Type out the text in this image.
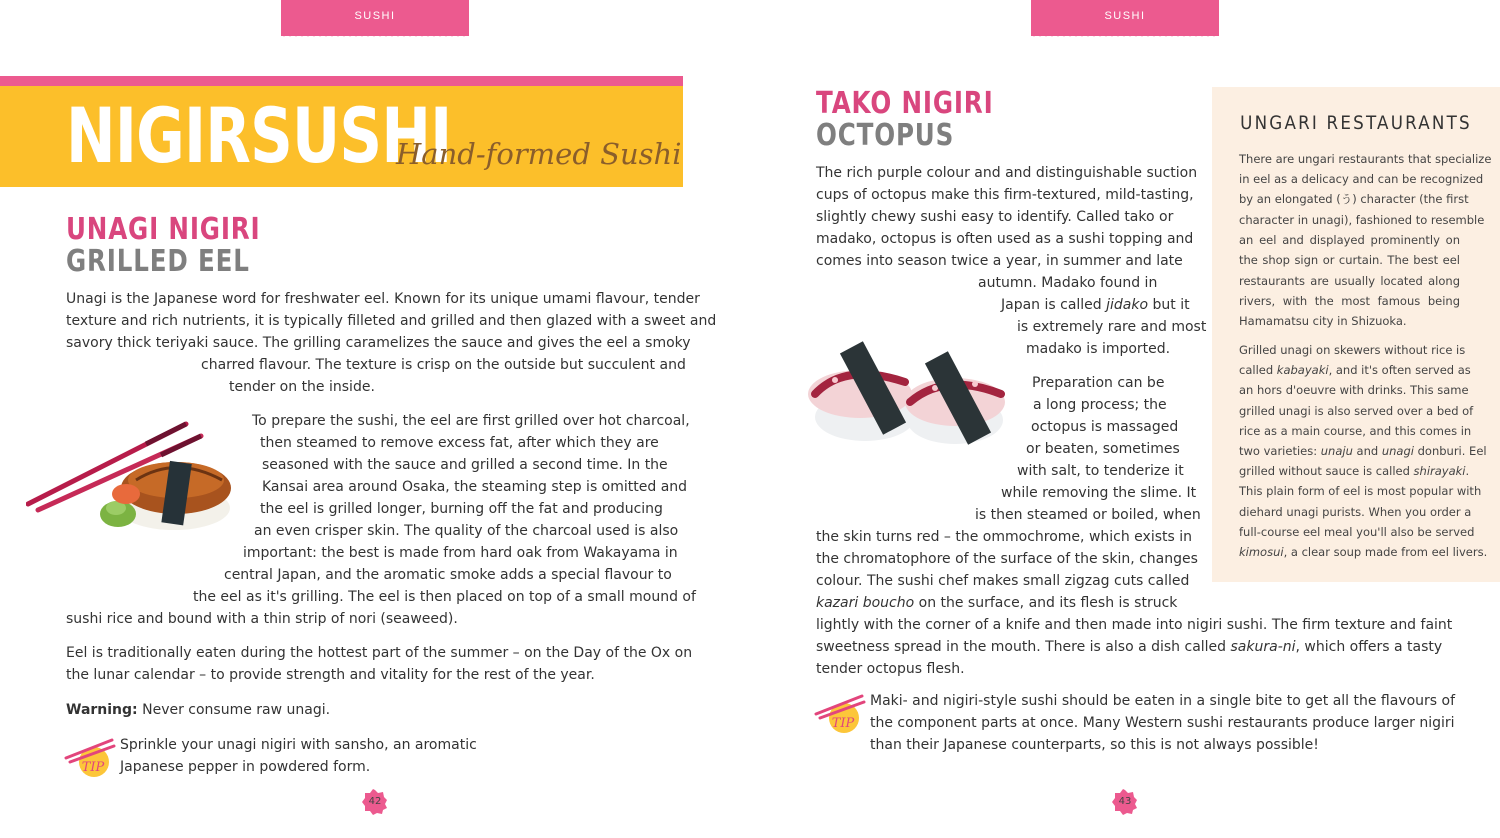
SUSHI
NIGIRSUSHI
Hand-formed Sushi
UNAGI NIGIRI
GRILLED EEL
Unagi is the Japanese word for freshwater eel. Known for its unique umami flavour, tender
texture and rich nutrients, it is typically filleted and grilled and then glazed with a sweet and
savory thick teriyaki sauce. The grilling caramelizes the sauce and gives the eel a smoky
charred flavour. The texture is crisp on the outside but succulent and
tender on the inside.
To prepare the sushi, the eel are first grilled over hot charcoal,
then steamed to remove excess fat, after which they are
seasoned with the sauce and grilled a second time. In the
Kansai area around Osaka, the steaming step is omitted and
the eel is grilled longer, burning off the fat and producing
an even crisper skin. The quality of the charcoal used is also
important: the best is made from hard oak from Wakayama in
central Japan, and the aromatic smoke adds a special flavour to
the eel as it's grilling. The eel is then placed on top of a small mound of
sushi rice and bound with a thin strip of nori (seaweed).
Eel is traditionally eaten during the hottest part of the summer – on the Day of the Ox on
the lunar calendar – to provide strength and vitality for the rest of the year.
Warning: Never consume raw unagi.
TIP
Sprinkle your unagi nigiri with sansho, an aromatic
Japanese pepper in powdered form.
42
SUSHI
TAKO NIGIRI
OCTOPUS
The rich purple colour and and distinguishable suction
cups of octopus make this firm-textured, mild-tasting,
slightly chewy sushi easy to identify. Called tako or
madako, octopus is often used as a sushi topping and
comes into season twice a year, in summer and late
autumn. Madako found in
Japan is called jidako but it
is extremely rare and most
madako is imported.
Preparation can be
a long process; the
octopus is massaged
or beaten, sometimes
with salt, to tenderize it
while removing the slime. It
is then steamed or boiled, when
the skin turns red – the ommochrome, which exists in
the chromatophore of the surface of the skin, changes
colour. The sushi chef makes small zigzag cuts called
kazari boucho on the surface, and its flesh is struck
lightly with the corner of a knife and then made into nigiri sushi. The firm texture and faint
sweetness spread in the mouth. There is also a dish called sakura-ni, which offers a tasty
tender octopus flesh.
UNGARI RESTAURANTS
There are ungari restaurants that specialize
in eel as a delicacy and can be recognized
by an elongated (う) character (the first
character in unagi), fashioned to resemble
an eel and displayed prominently on
the shop sign or curtain. The best eel
restaurants are usually located along
rivers, with the most famous being
Hamamatsu city in Shizuoka.
Grilled unagi on skewers without rice is
called kabayaki, and it's often served as
an hors d'oeuvre with drinks. This same
grilled unagi is also served over a bed of
rice as a main course, and this comes in
two varieties: unaju and unagi donburi. Eel
grilled without sauce is called shirayaki.
This plain form of eel is most popular with
diehard unagi purists. When you order a
full-course eel meal you'll also be served
kimosui, a clear soup made from eel livers.
TIP
Maki- and nigiri-style sushi should be eaten in a single bite to get all the flavours of
the component parts at once. Many Western sushi restaurants produce larger nigiri
than their Japanese counterparts, so this is not always possible!
43
